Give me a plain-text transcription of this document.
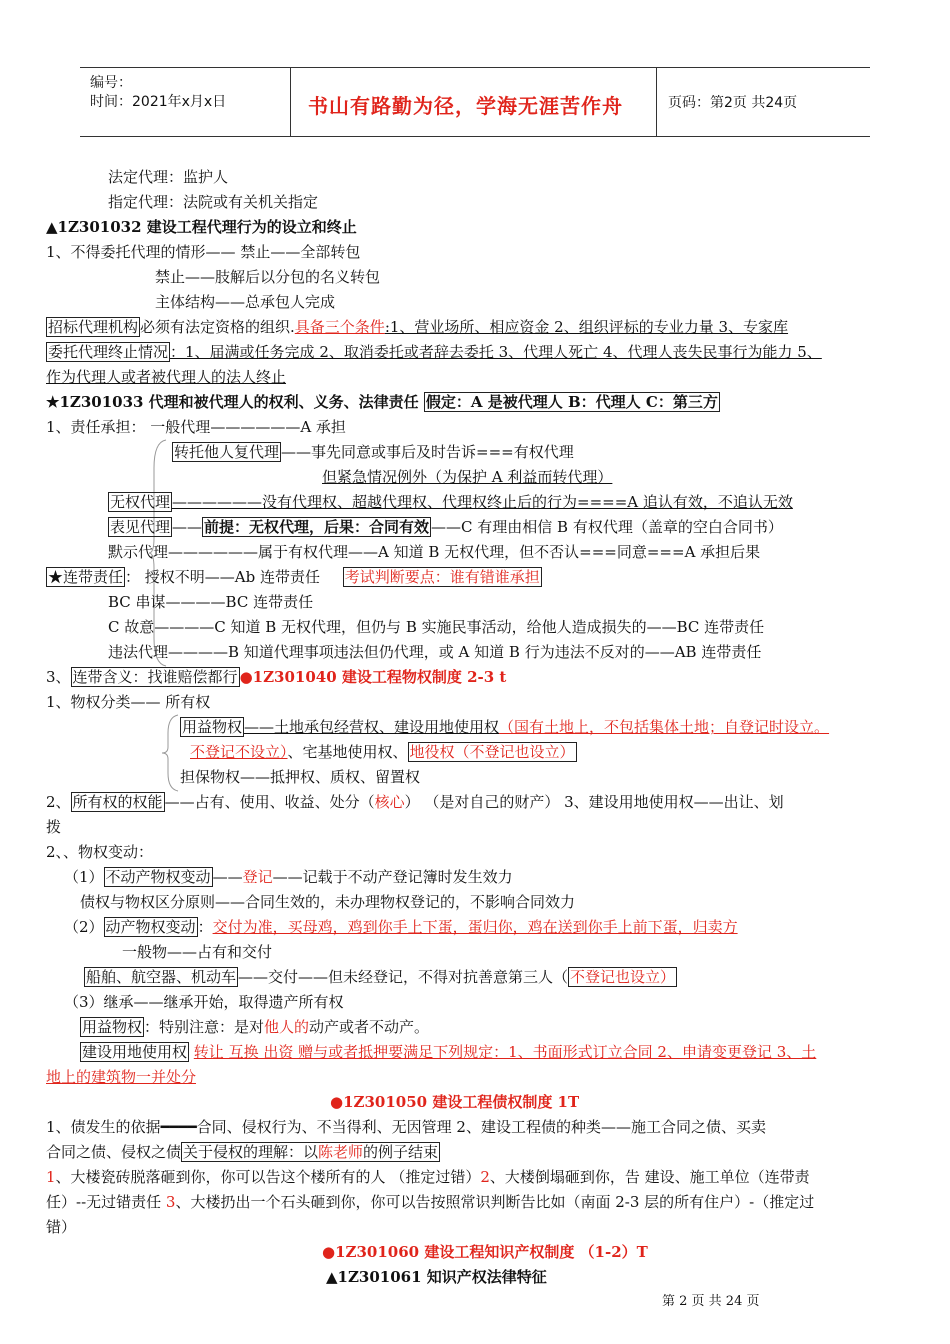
编号：
时间：2021年x月x日	书山有路勤为径，学海无涯苦作舟	页码：第2页 共24页
法定代理：监护人
指定代理：法院或有关机关指定
▲1Z301032 建设工程代理行为的设立和终止
1、不得委托代理的情形—— 禁止——全部转包
禁止——肢解后以分包的名义转包
主体结构——总承包人完成
招标代理机构 必须有法定资格的组织.具备三个条件:1、营业场所、相应资金 2、组织评标的专业力量 3、专家库
委托代理终止情况 ：1、届满或任务完成 2、取消委托或者辞去委托 3、代理人死亡 4、代理人丧失民事行为能力 5、
作为代理人或者被代理人的法人终止
★1Z301033 代理和被代理人的权利、义务、法律责任 假定：A 是被代理人 B：代理人 C：第三方
1、责任承担： 一般代理——————A 承担
转托他人复代理 ——事先同意或事后及时告诉===有权代理
但紧急情况例外（为保护 A 利益而转代理）
无权代理 ——————没有代理权、超越代理权、代理权终止后的行为====A 追认有效，不追认无效
表见代理 —— 前提：无权代理，后果：合同有效 ——C 有理由相信 B 有权代理（盖章的空白合同书）
默示代理——————属于有权代理——A 知道 B 无权代理，但不否认===同意===A 承担后果
★连带责任 ： 授权不明——Ab 连带责任 考试判断要点：谁有错谁承担
BC 串谋————BC 连带责任
C 故意————C 知道 B 无权代理，但仍与 B 实施民事活动，给他人造成损失的——BC 连带责任
违法代理————B 知道代理事项违法但仍代理，或 A 知道 B 行为违法不反对的——AB 连带责任
3、 连带含义：找谁赔偿都行 ●1Z301040 建设工程物权制度 2-3 t
1、物权分类—— 所有权
用益物权 ——土地承包经营权、建设用地使用权（国有土地上，不包括集体土地；自登记时设立。
不登记不设立）、宅基地使用权、 地役权（不登记也设立）
担保物权——抵押权、质权、留置权
2、 所有权的权能 ——占有、使用、收益、处分（核心） （是对自己的财产） 3、建设用地使用权——出让、划
拨
2、、物权变动：
（1） 不动产物权变动 ——登记——记载于不动产登记簿时发生效力
债权与物权区分原则——合同生效的，未办理物权登记的，不影响合同效力
（2） 动产物权变动 ：交付为准，买母鸡，鸡到你手上下蛋，蛋归你，鸡在送到你手上前下蛋，归卖方
一般物——占有和交付
船舶、航空器、机动车 ——交付——但未经登记，不得对抗善意第三人（ 不登记也设立）
（3）继承——继承开始，取得遗产所有权
用益物权 ：特别注意：是对他人的动产或者不动产。
建设用地使用权 转让 互换 出资 赠与或者抵押要满足下列规定：1、书面形式订立合同 2、申请变更登记 3、土
地上的建筑物一并处分
●1Z301050 建设工程债权制度 1T
1、债发生的依据━━━━合同、侵权行为、不当得利、无因管理 2、建设工程债的种类——施工合同之债、买卖
合同之债、侵权之债 关于侵权的理解：以陈老师的例子结束
1、大楼瓷砖脱落砸到你，你可以告这个楼所有的人 （推定过错）2、大楼倒塌砸到你，告 建设、施工单位（连带责
任）--无过错责任 3、大楼扔出一个石头砸到你，你可以告按照常识判断告比如（南面 2-3 层的所有住户）-（推定过
错）
●1Z301060 建设工程知识产权制度 （1-2）T
▲1Z301061 知识产权法律特征
第 2 页 共 24 页
